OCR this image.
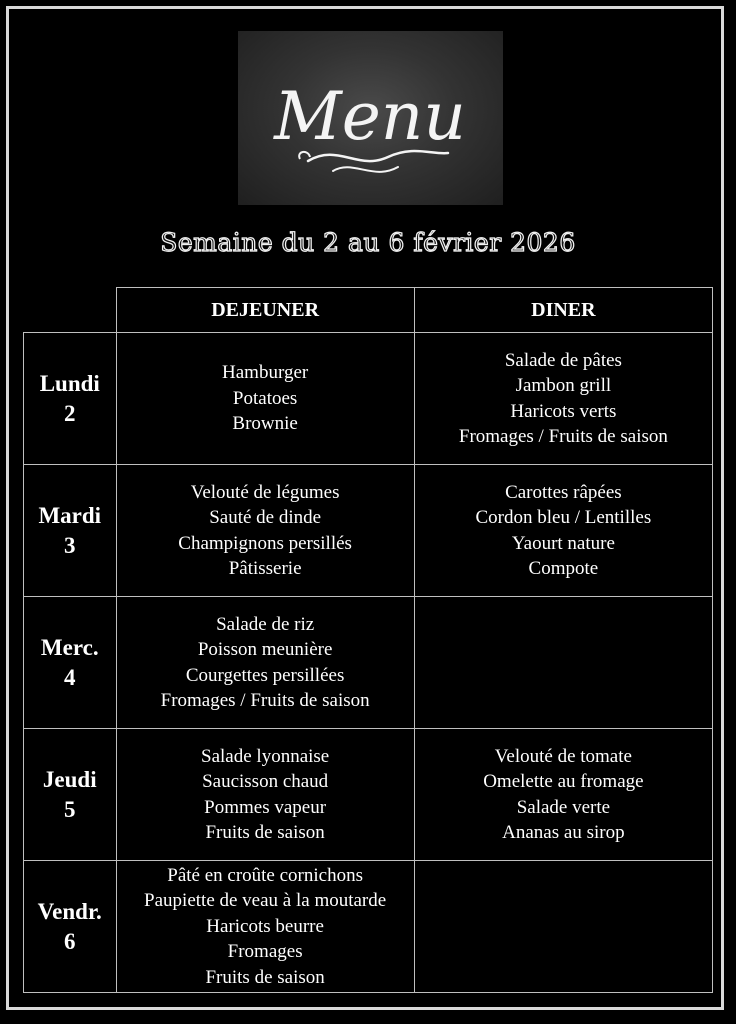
Menu
Semaine du 2 au 6 février 2026
	DEJEUNER	DINER

Lundi
2	Hamburger
Potatoes
Brownie	Salade de pâtes
Jambon grill
Haricots verts
Fromages / Fruits de saison

Mardi
3	Velouté de légumes
Sauté de dinde
Champignons persillés
Pâtisserie	Carottes râpées
Cordon bleu / Lentilles
Yaourt nature
Compote

Merc.
4	Salade de riz
Poisson meunière
Courgettes persillées
Fromages / Fruits de saison	

Jeudi
5	Salade lyonnaise
Saucisson chaud
Pommes vapeur
Fruits de saison	Velouté de tomate
Omelette au fromage
Salade verte
Ananas au sirop

Vendr.
6	Pâté en croûte cornichons
Paupiette de veau à la moutarde
Haricots beurre
Fromages
Fruits de saison	
